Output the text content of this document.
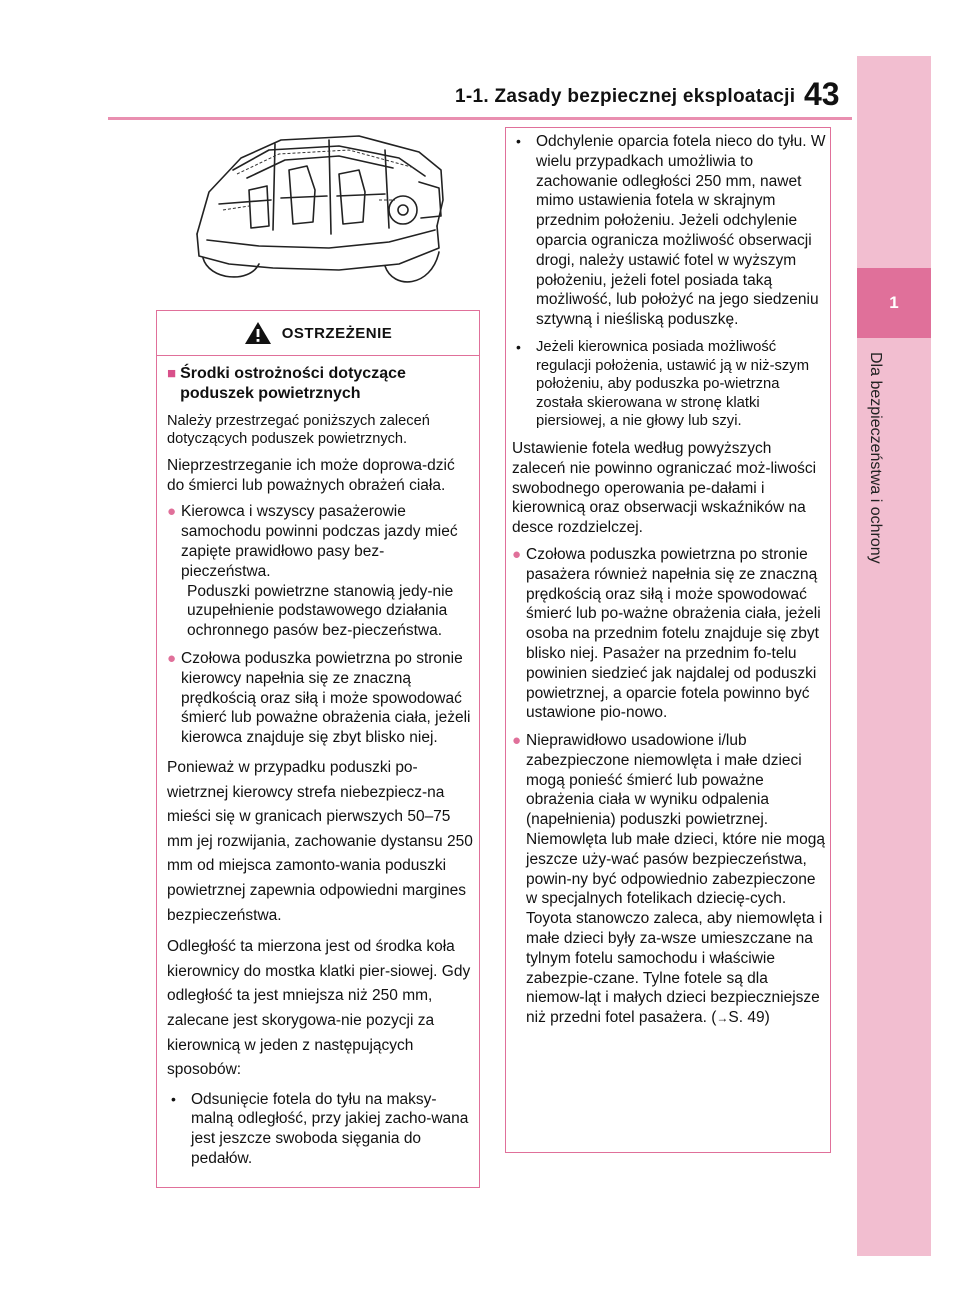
1-1. Zasady bezpiecznej eksploatacji 43
1
Dla bezpieczeństwa i ochrony
OSTRZEŻENIE
■ Środki ostrożności dotyczące poduszek powietrznych

Należy przestrzegać poniższych zaleceń dotyczących poduszek powietrznych.

Nieprzestrzeganie ich może doprowa-dzić do śmierci lub poważnych obrażeń ciała.

● Kierowca i wszyscy pasażerowie samochodu powinni podczas jazdy mieć zapięte prawidłowo pasy bez-pieczeństwa.
Poduszki powietrzne stanowią jedy-nie uzupełnienie podstawowego działania ochronnego pasów bez-pieczeństwa.
● Czołowa poduszka powietrzna po stronie kierowcy napełnia się ze znaczną prędkością oraz siłą i może spowodować śmierć lub poważne obrażenia ciała, jeżeli kierowca znajduje się zbyt blisko niej.

Ponieważ w przypadku poduszki po-wietrznej kierowcy strefa niebezpiecz-na mieści się w granicach pierwszych 50–75 mm jej rozwijania, zachowanie dystansu 250 mm od miejsca zamonto-wania poduszki powietrznej zapewnia odpowiedni margines bezpieczeństwa.

Odległość ta mierzona jest od środka koła kierownicy do mostka klatki pier-siowej. Gdy odległość ta jest mniejsza niż 250 mm, zalecane jest skorygowa-nie pozycji za kierownicą w jeden z następujących sposobów:

• Odsunięcie fotela do tyłu na maksy-malną odległość, przy jakiej zacho-wana jest jeszcze swoboda sięgania do pedałów.
• Odchylenie oparcia fotela nieco do tyłu. W wielu przypadkach umożliwia to zachowanie odległości 250 mm, nawet mimo ustawienia fotela w skrajnym przednim położeniu. Jeżeli odchylenie oparcia ogranicza możliwość obserwacji drogi, należy ustawić fotel w wyższym położeniu, jeżeli fotel posiada taką możliwość, lub położyć na jego siedzeniu sztywną i nieśliską poduszkę.
•	Jeżeli kierownica posiada możliwość regulacji położenia, ustawić ją w niż-szym położeniu, aby poduszka po-wietrzna została skierowana w stronę klatki piersiowej, a nie głowy lub szyi.

Ustawienie fotela według powyższych zaleceń nie powinno ograniczać moż-liwości swobodnego operowania pe-dałami i kierownicą oraz obserwacji wskaźników na desce rozdzielczej.

● Czołowa poduszka powietrzna po stronie pasażera również napełnia się ze znaczną prędkością oraz siłą i może spowodować śmierć lub po-ważne obrażenia ciała, jeżeli osoba na przednim fotelu znajduje się zbyt blisko niej. Pasażer na przednim fo-telu powinien siedzieć jak najdalej od poduszki powietrznej, a oparcie fotela powinno być ustawione pio-nowo.
● Nieprawidłowo usadowione i/lub zabezpieczone niemowlęta i małe dzieci mogą ponieść śmierć lub poważne obrażenia ciała w wyniku odpalenia (napełnienia) poduszki powietrznej. Niemowlęta lub małe dzieci, które nie mogą jeszcze uży-wać pasów bezpieczeństwa, powin-ny być odpowiednio zabezpieczone w specjalnych fotelikach dziecię-cych. Toyota stanowczo zaleca, aby niemowlęta i małe dzieci były za-wsze umieszczane na tylnym fotelu samochodu i właściwie zabezpie-czane. Tylne fotele są dla niemow-ląt i małych dzieci bezpieczniejsze niż przedni fotel pasażera. (→S. 49)
